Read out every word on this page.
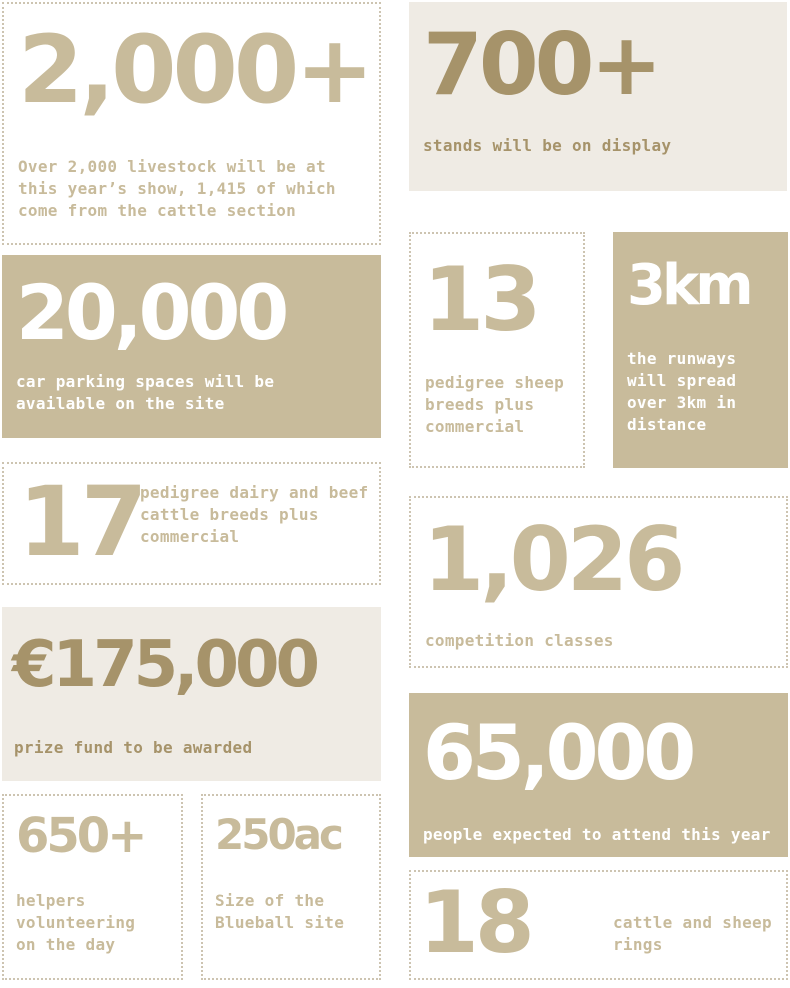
2,000+
Over 2,000 livestock will be at this year’s show, 1,415 of which come from the cattle section
700+
stands will be on display
20,000
car parking spaces will be available on the site
13
pedigree sheep breeds plus commercial
3km
the runways will spread over 3km in distance
17
pedigree dairy and beef cattle breeds plus commercial	1,026
competition classes
€175,000
prize fund to be awarded	65,000
people expected to attend this year
650+
helpers volunteering on the day
250ac
Size of the Blueball site 18	cattle and sheep rings
